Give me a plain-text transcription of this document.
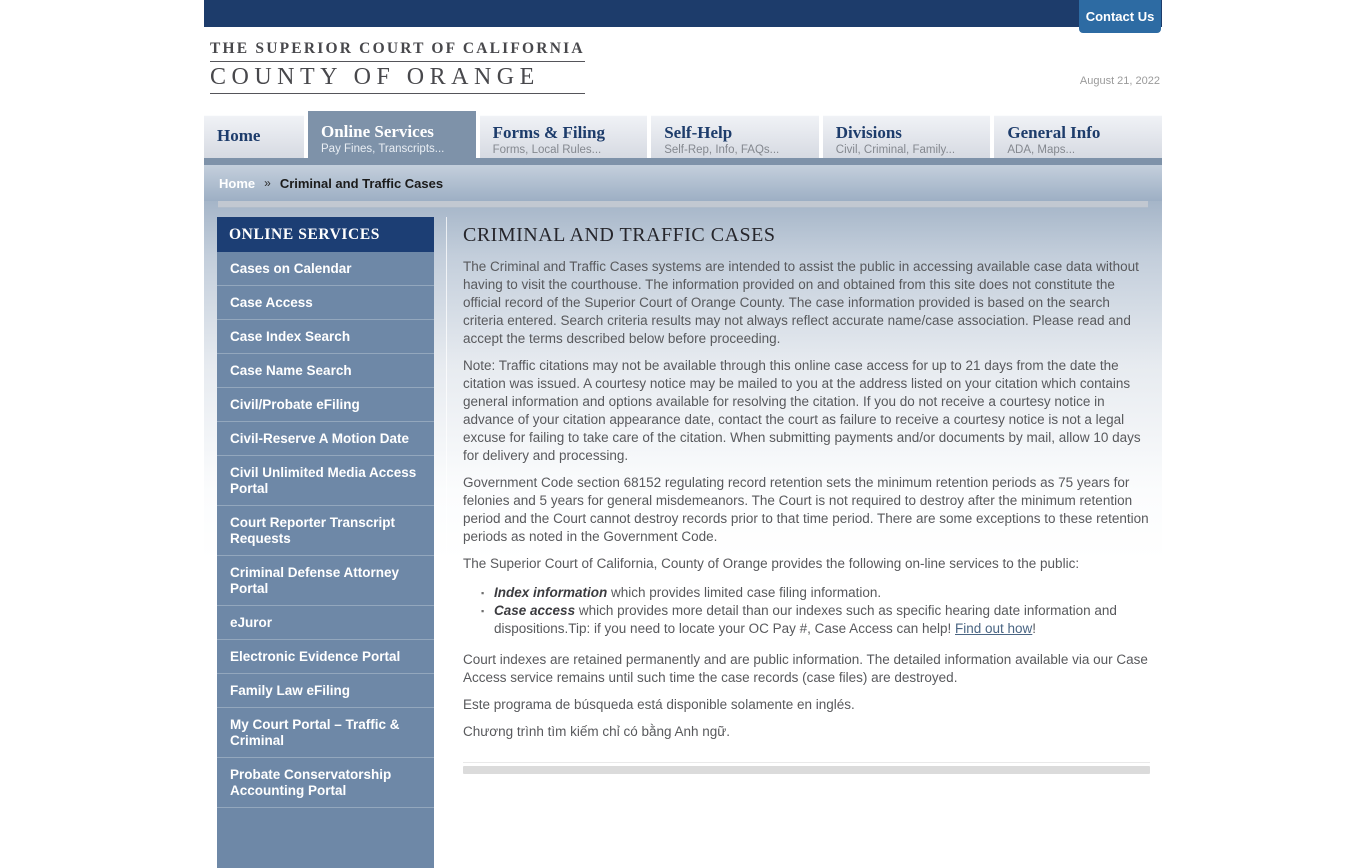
Contact Us
THE SUPERIOR COURT OF CALIFORNIA
COUNTY OF ORANGE	August 21, 2022
Home	Online Services
Pay Fines, Transcripts...
Forms & Filing
Forms, Local Rules...
Self-Help
Self-Rep, Info, FAQs...
Divisions
Civil, Criminal, Family...
General Info
ADA, Maps...
Home » Criminal and Traffic Cases
ONLINE SERVICES
Cases on Calendar
Case Access
Case Index Search
Case Name Search
Civil/Probate eFiling
Civil-Reserve A Motion Date
Civil Unlimited Media Access Portal
Court Reporter Transcript Requests
Criminal Defense Attorney Portal
eJuror
Electronic Evidence Portal
Family Law eFiling
My Court Portal – Traffic & Criminal
Probate Conservatorship Accounting Portal
CRIMINAL AND TRAFFIC CASES

The Criminal and Traffic Cases systems are intended to assist the public in accessing available case data without having to visit the courthouse. The information provided on and obtained from this site does not constitute the official record of the Superior Court of Orange County. The case information provided is based on the search criteria entered. Search criteria results may not always reflect accurate name/case association. Please read and accept the terms described below before proceeding.

Note: Traffic citations may not be available through this online case access for up to 21 days from the date the citation was issued. A courtesy notice may be mailed to you at the address listed on your citation which contains general information and options available for resolving the citation. If you do not receive a courtesy notice in advance of your citation appearance date, contact the court as failure to receive a courtesy notice is not a legal excuse for failing to take care of the citation. When submitting payments and/or documents by mail, allow 10 days for delivery and processing.

Government Code section 68152 regulating record retention sets the minimum retention periods as 75 years for felonies and 5 years for general misdemeanors. The Court is not required to destroy after the minimum retention period and the Court cannot destroy records prior to that time period. There are some exceptions to these retention periods as noted in the Government Code.

The Superior Court of California, County of Orange provides the following on-line services to the public:

▪ Index information which provides limited case filing information.
▪ Case access which provides more detail than our indexes such as specific hearing date information and dispositions.Tip: if you need to locate your OC Pay #, Case Access can help! Find out how!

Court indexes are retained permanently and are public information. The detailed information available via our Case Access service remains until such time the case records (case files) are destroyed.

Este programa de búsqueda está disponible solamente en inglés.

Chương trình tìm kiếm chỉ có bằng Anh ngữ.
